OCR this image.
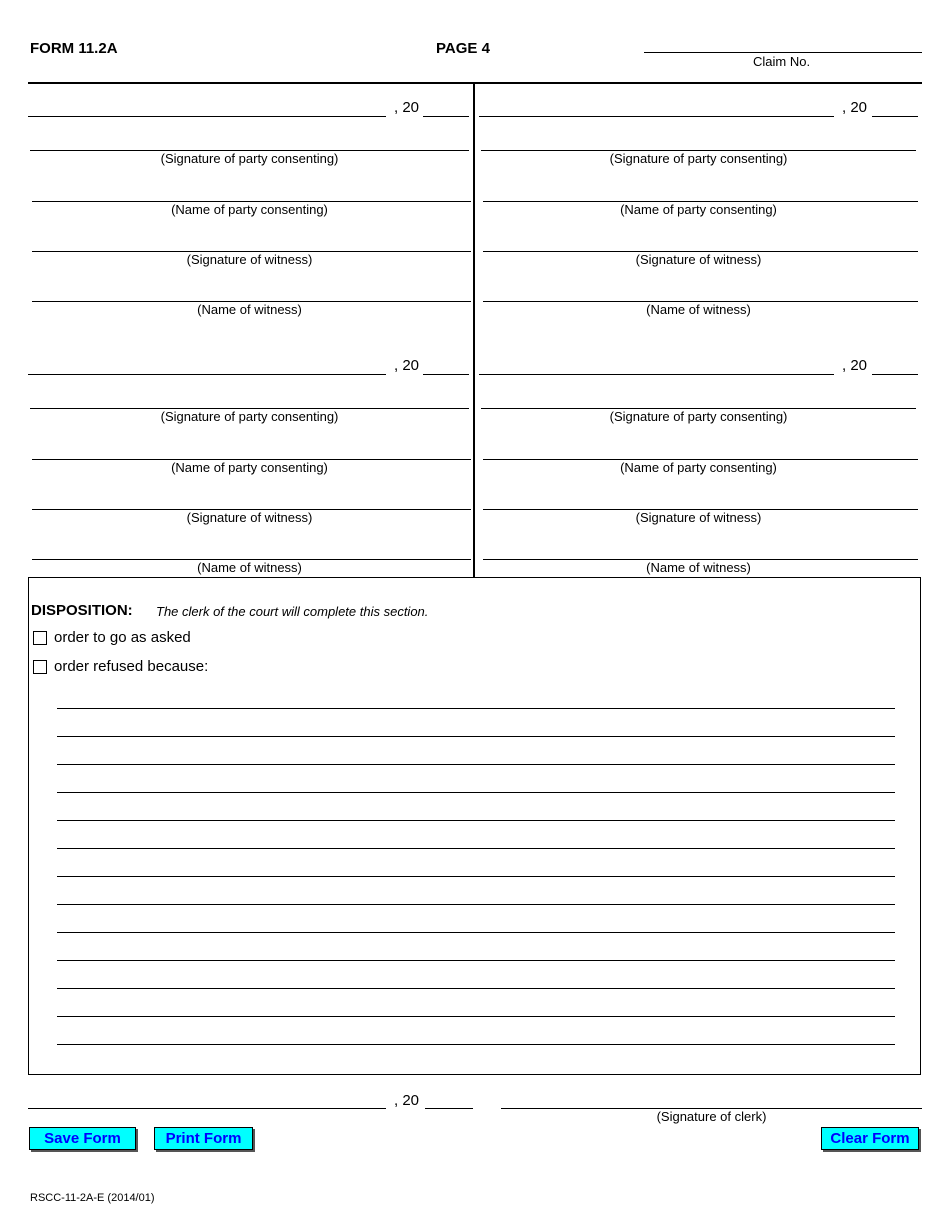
FORM 11.2A	PAGE 4
Claim No.
, 20
(Signature of party consenting)
(Name of party consenting)
(Signature of witness)
(Name of witness)
, 20
(Signature of party consenting)
(Name of party consenting)
(Signature of witness)
(Name of witness)
, 20
(Signature of party consenting)
(Name of party consenting)
(Signature of witness)
(Name of witness)
, 20
(Signature of party consenting)
(Name of party consenting)
(Signature of witness)
(Name of witness)
DISPOSITION: The clerk of the court will complete this section.
order to go as asked
order refused because:
, 20
(Signature of clerk)
Save Form	Print Form	Clear Form
RSCC-11-2A-E (2014/01)
